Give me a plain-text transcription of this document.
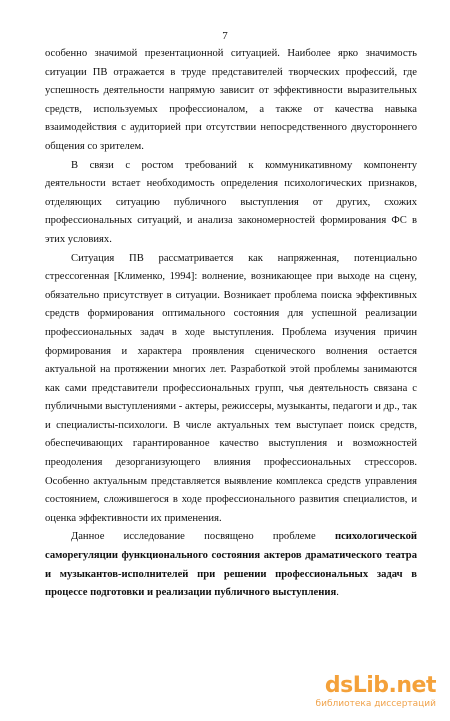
7

особенно значимой презентационной ситуацией. Наиболее ярко значимость ситуации ПВ отражается в труде представителей творческих профессий, где успешность деятельности напрямую зависит от эффективности выразительных средств, используемых профессионалом, а также от качества навыка взаимодействия с аудиторией при отсутствии непосредственного двустороннего общения со зрителем.

В связи с ростом требований к коммуникативному компоненту деятельности встает необходимость определения психологических признаков, отделяющих ситуацию публичного выступления от других, схожих профессиональных ситуаций, и анализа закономерностей формирования ФС в этих условиях.

Ситуация ПВ рассматривается как напряженная, потенциально стрессогенная [Клименко, 1994]: волнение, возникающее при выходе на сцену, обязательно присутствует в ситуации. Возникает проблема поиска эффективных средств формирования оптимального состояния для успешной реализации профессиональных задач в ходе выступления. Проблема изучения причин формирования и характера проявления сценического волнения остается актуальной на протяжении многих лет. Разработкой этой проблемы занимаются как сами представители профессиональных групп, чья деятельность связана с публичными выступлениями - актеры, режиссеры, музыканты, педагоги и др., так и специалисты-психологи. В числе актуальных тем выступает поиск средств, обеспечивающих гарантированное качество выступления и возможностей преодоления дезорганизующего влияния профессиональных стрессоров. Особенно актуальным представляется выявление комплекса средств управления состоянием, сложившегося в ходе профессионального развития специалистов, и оценка эффективности их применения.

Данное исследование посвящено проблеме психологической саморегуляции функционального состояния актеров драматического театра и музыкантов-исполнителей при решении профессиональных задач в процессе подготовки и реализации публичного выступления.

dsLib.net
библиотека диссертаций
